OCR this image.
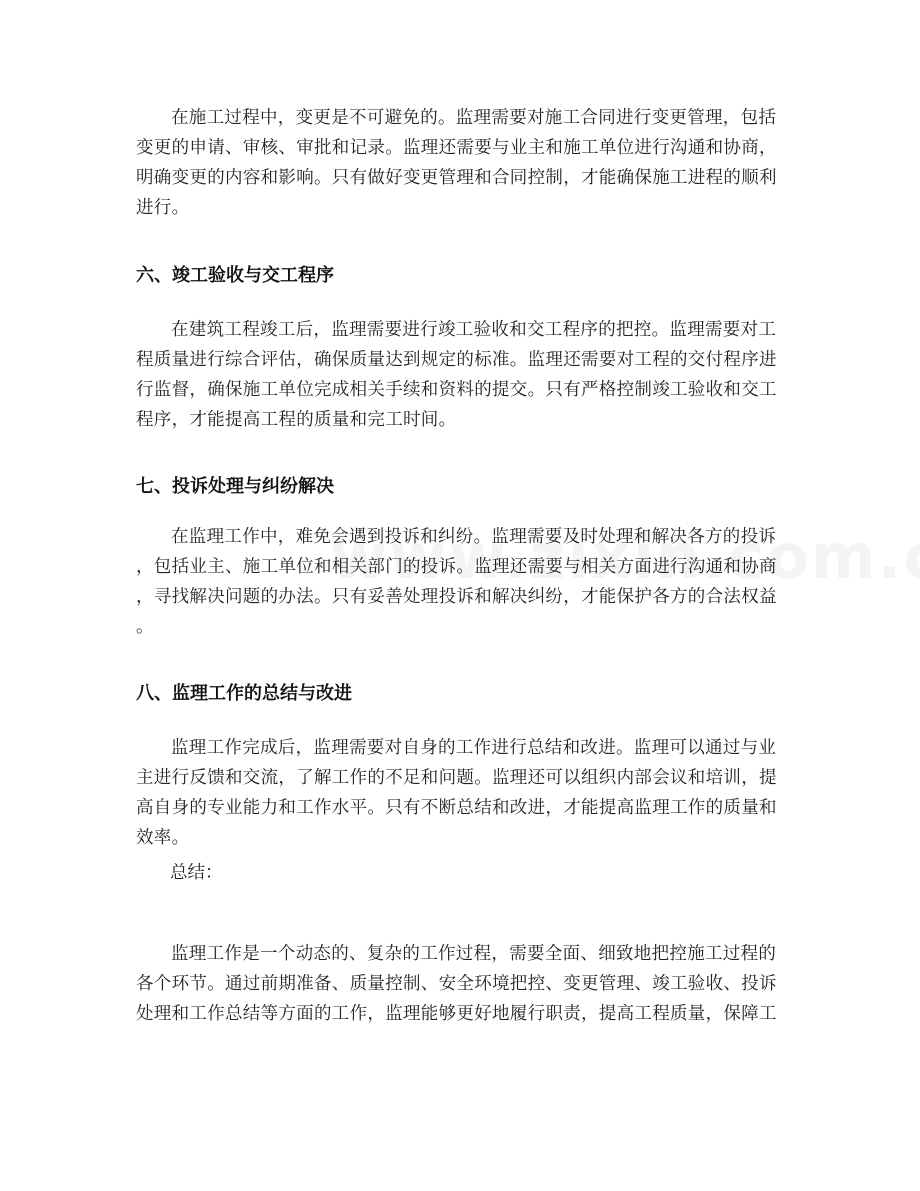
在施工过程中，变更是不可避免的。监理需要对施工合同进行变更管理，包括
变更的申请、审核、审批和记录。监理还需要与业主和施工单位进行沟通和协商，
明确变更的内容和影响。只有做好变更管理和合同控制，才能确保施工进程的顺利
进行。
六、竣工验收与交工程序
在建筑工程竣工后，监理需要进行竣工验收和交工程序的把控。监理需要对工
程质量进行综合评估，确保质量达到规定的标准。监理还需要对工程的交付程序进
行监督，确保施工单位完成相关手续和资料的提交。只有严格控制竣工验收和交工
程序，才能提高工程的质量和完工时间。
七、投诉处理与纠纷解决
在监理工作中，难免会遇到投诉和纠纷。监理需要及时处理和解决各方的投诉
，包括业主、施工单位和相关部门的投诉。监理还需要与相关方面进行沟通和协商
，寻找解决问题的办法。只有妥善处理投诉和解决纠纷，才能保护各方的合法权益
。
八、监理工作的总结与改进
监理工作完成后，监理需要对自身的工作进行总结和改进。监理可以通过与业
主进行反馈和交流，了解工作的不足和问题。监理还可以组织内部会议和培训，提
高自身的专业能力和工作水平。只有不断总结和改进，才能提高监理工作的质量和
效率。
总结：
监理工作是一个动态的、复杂的工作过程，需要全面、细致地把控施工过程的
各个环节。通过前期准备、质量控制、安全环境把控、变更管理、竣工验收、投诉
处理和工作总结等方面的工作，监理能够更好地履行职责，提高工程质量，保障工
